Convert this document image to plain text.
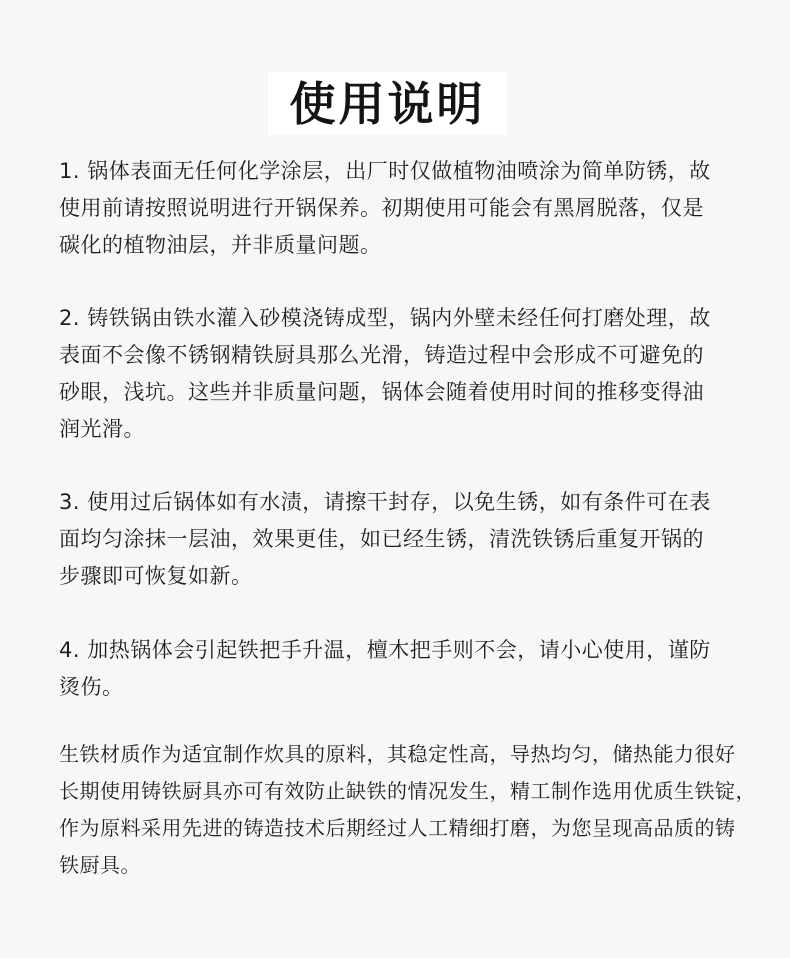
使用说明
1. 锅体表面无任何化学涂层，出厂时仅做植物油喷涂为简单防锈，故
使用前请按照说明进行开锅保养。初期使用可能会有黑屑脱落，仅是
碳化的植物油层，并非质量问题。
2. 铸铁锅由铁水灌入砂模浇铸成型，锅内外壁未经任何打磨处理，故
表面不会像不锈钢精铁厨具那么光滑，铸造过程中会形成不可避免的
砂眼，浅坑。这些并非质量问题，锅体会随着使用时间的推移变得油
润光滑。
3. 使用过后锅体如有水渍，请擦干封存，以免生锈，如有条件可在表
面均匀涂抹一层油，效果更佳，如已经生锈，清洗铁锈后重复开锅的
步骤即可恢复如新。
4. 加热锅体会引起铁把手升温，檀木把手则不会，请小心使用，谨防
烫伤。
生铁材质作为适宜制作炊具的原料，其稳定性高，导热均匀，储热能力很好
长期使用铸铁厨具亦可有效防止缺铁的情况发生，精工制作选用优质生铁锭，
作为原料采用先进的铸造技术后期经过人工精细打磨，为您呈现高品质的铸
铁厨具。
